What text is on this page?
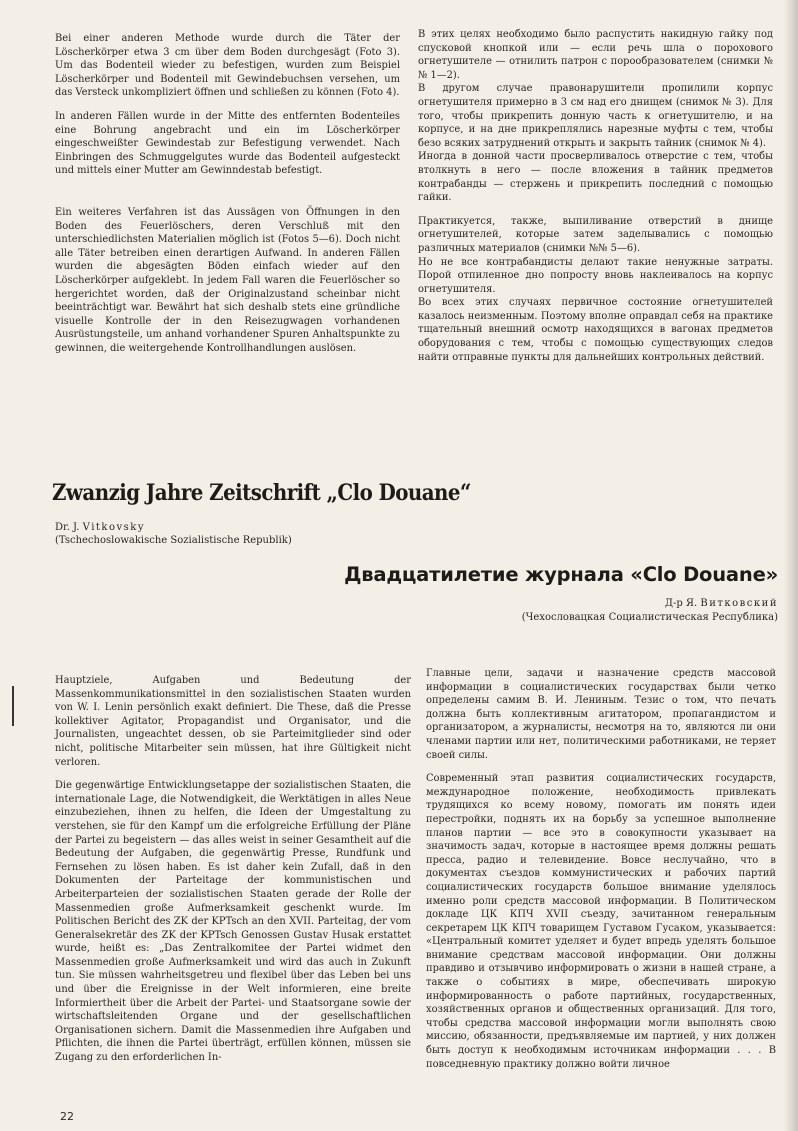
Bei einer anderen Methode wurde durch die Täter der Löscherkörper etwa 3 cm über dem Boden durchgesägt (Foto 3). Um das Bodenteil wieder zu befestigen, wurden zum Beispiel Löscherkörper und Bodenteil mit Gewindebuchsen versehen, um das Versteck unkompliziert öffnen und schließen zu können (Foto 4).

In anderen Fällen wurde in der Mitte des entfernten Bodenteiles eine Bohrung angebracht und ein im Löscherkörper eingeschweißter Gewindestab zur Befestigung verwendet. Nach Einbringen des Schmuggelgutes wurde das Bodenteil aufgesteckt und mittels einer Mutter am Gewinndestab befestigt.

Ein weiteres Verfahren ist das Aussägen von Öffnungen in den Boden des Feuerlöschers, deren Verschluß mit den unterschiedlichsten Materialien möglich ist (Fotos 5—6). Doch nicht alle Täter betreiben einen derartigen Aufwand. In anderen Fällen wurden die abgesägten Böden einfach wieder auf den Löscherkörper aufgeklebt. In jedem Fall waren die Feuerlöscher so hergerichtet worden, daß der Originalzustand scheinbar nicht beeinträchtigt war. Bewährt hat sich deshalb stets eine gründliche visuelle Kontrolle der in den Reisezugwagen vorhandenen Ausrüstungsteile, um anhand vorhandener Spuren Anhaltspunkte zu gewinnen, die weitergehende Kontrollhandlungen auslösen.

В этих целях необходимо было распустить накидную гайку под спусковой кнопкой или — если речь шла о порохового огнетушителе — отнилить патрон с порообразователем (снимки №№ 1—2).

В другом случае правонарушители пропилили корпус огнетушителя примерно в 3 см над его днищем (снимок № 3). Для того, чтобы прикрепить донную часть к огнетушителю, и на корпусе, и на дне прикреплялись нарезные муфты с тем, чтобы безо всяких затруднений открыть и закрыть тайник (снимок № 4).

Иногда в донной части просверливалось отверстие с тем, чтобы втолкнуть в него — после вложения в тайник предметов контрабанды — стержень и прикрепить последний с помощью гайки.

Практикуется, также, выпиливание отверстий в днище огнетушителей, которые затем заделывались с помощью различных материалов (снимки №№ 5—6).

Но не все контрабандисты делают такие ненужные затраты. Порой отпиленное дно попросту вновь наклеивалось на корпус огнетушителя.

Во всех этих случаях первичное состояние огнетушителей казалось неизменным. Поэтому вполне оправдал себя на практике тщательный внешний осмотр находящихся в вагонах предметов оборудования с тем, чтобы с помощью существующих следов найти отправные пункты для дальнейших контрольных действий.

Zwanzig Jahre Zeitschrift „Clo Douane“
Dr. J. Vitkovsky
(Tschechoslowakische Sozialistische Republik)
Двадцатилетие журнала «Clo Douane»
Д-р Я. Витковский
(Чехословацкая Социалистическая Республика)

Hauptziele, Aufgaben und Bedeutung der Massenkommunikationsmittel in den sozialistischen Staaten wurden von W. I. Lenin persönlich exakt definiert. Die These, daß die Presse kollektiver Agitator, Propagandist und Organisator, und die Journalisten, ungeachtet dessen, ob sie Parteimitglieder sind oder nicht, politische Mitarbeiter sein müssen, hat ihre Gültigkeit nicht verloren.

Die gegenwärtige Entwicklungsetappe der sozialistischen Staaten, die internationale Lage, die Notwendigkeit, die Werktätigen in alles Neue einzubeziehen, ihnen zu helfen, die Ideen der Umgestaltung zu verstehen, sie für den Kampf um die erfolgreiche Erfüllung der Pläne der Partei zu begeistern — das alles weist in seiner Gesamtheit auf die Bedeutung der Aufgaben, die gegenwärtig Presse, Rundfunk und Fernsehen zu lösen haben. Es ist daher kein Zufall, daß in den Dokumenten der Parteitage der kommunistischen und Arbeiterparteien der sozialistischen Staaten gerade der Rolle der Massenmedien große Aufmerksamkeit geschenkt wurde. Im Politischen Bericht des ZK der KPTsch an den XVII. Parteitag, der vom Generalsekretär des ZK der KPTsch Genossen Gustav Husak erstattet wurde, heißt es: „Das Zentralkomitee der Partei widmet den Massenmedien große Aufmerksamkeit und wird das auch in Zukunft tun. Sie müssen wahrheitsgetreu und flexibel über das Leben bei uns und über die Ereignisse in der Welt informieren, eine breite Informiertheit über die Arbeit der Partei- und Staatsorgane sowie der wirtschaftsleitenden Organe und der gesellschaftlichen Organisationen sichern. Damit die Massenmedien ihre Aufgaben und Pflichten, die ihnen die Partei überträgt, erfüllen können, müssen sie Zugang zu den erforderlichen In-

Главные цели, задачи и назначение средств массовой информации в социалистических государствах были четко определены самим В. И. Лениным. Тезис о том, что печать должна быть коллективным агитатором, пропагандистом и организатором, а журналисты, несмотря на то, являются ли они членами партии или нет, политическими работниками, не теряет своей силы.

Современный этап развития социалистических государств, международное положение, необходимость привлекать трудящихся ко всему новому, помогать им понять идеи перестройки, поднять их на борьбу за успешное выполнение планов партии — все это в совокупности указывает на значимость задач, которые в настоящее время должны решать пресса, радио и телевидение. Вовсе неслучайно, что в документах съездов коммунистических и рабочих партий социалистических государств большое внимание уделялось именно роли средств массовой информации. В Политическом докладе ЦК КПЧ XVII съезду, зачитанном генеральным секретарем ЦК КПЧ товарищем Густавом Гусаком, указывается: «Центральный комитет уделяет и будет впредь уделять большое внимание средствам массовой информации. Они должны правдиво и отзывчиво информировать о жизни в нашей стране, а также о событиях в мире, обеспечивать широкую информированность о работе партийных, государственных, хозяйственных органов и общественных организаций. Для того, чтобы средства массовой информации могли выполнять свою миссию, обязанности, предъявляемые им партией, у них должен быть доступ к необходимым источникам информации . . . В повседневную практику должно войти личное

22
